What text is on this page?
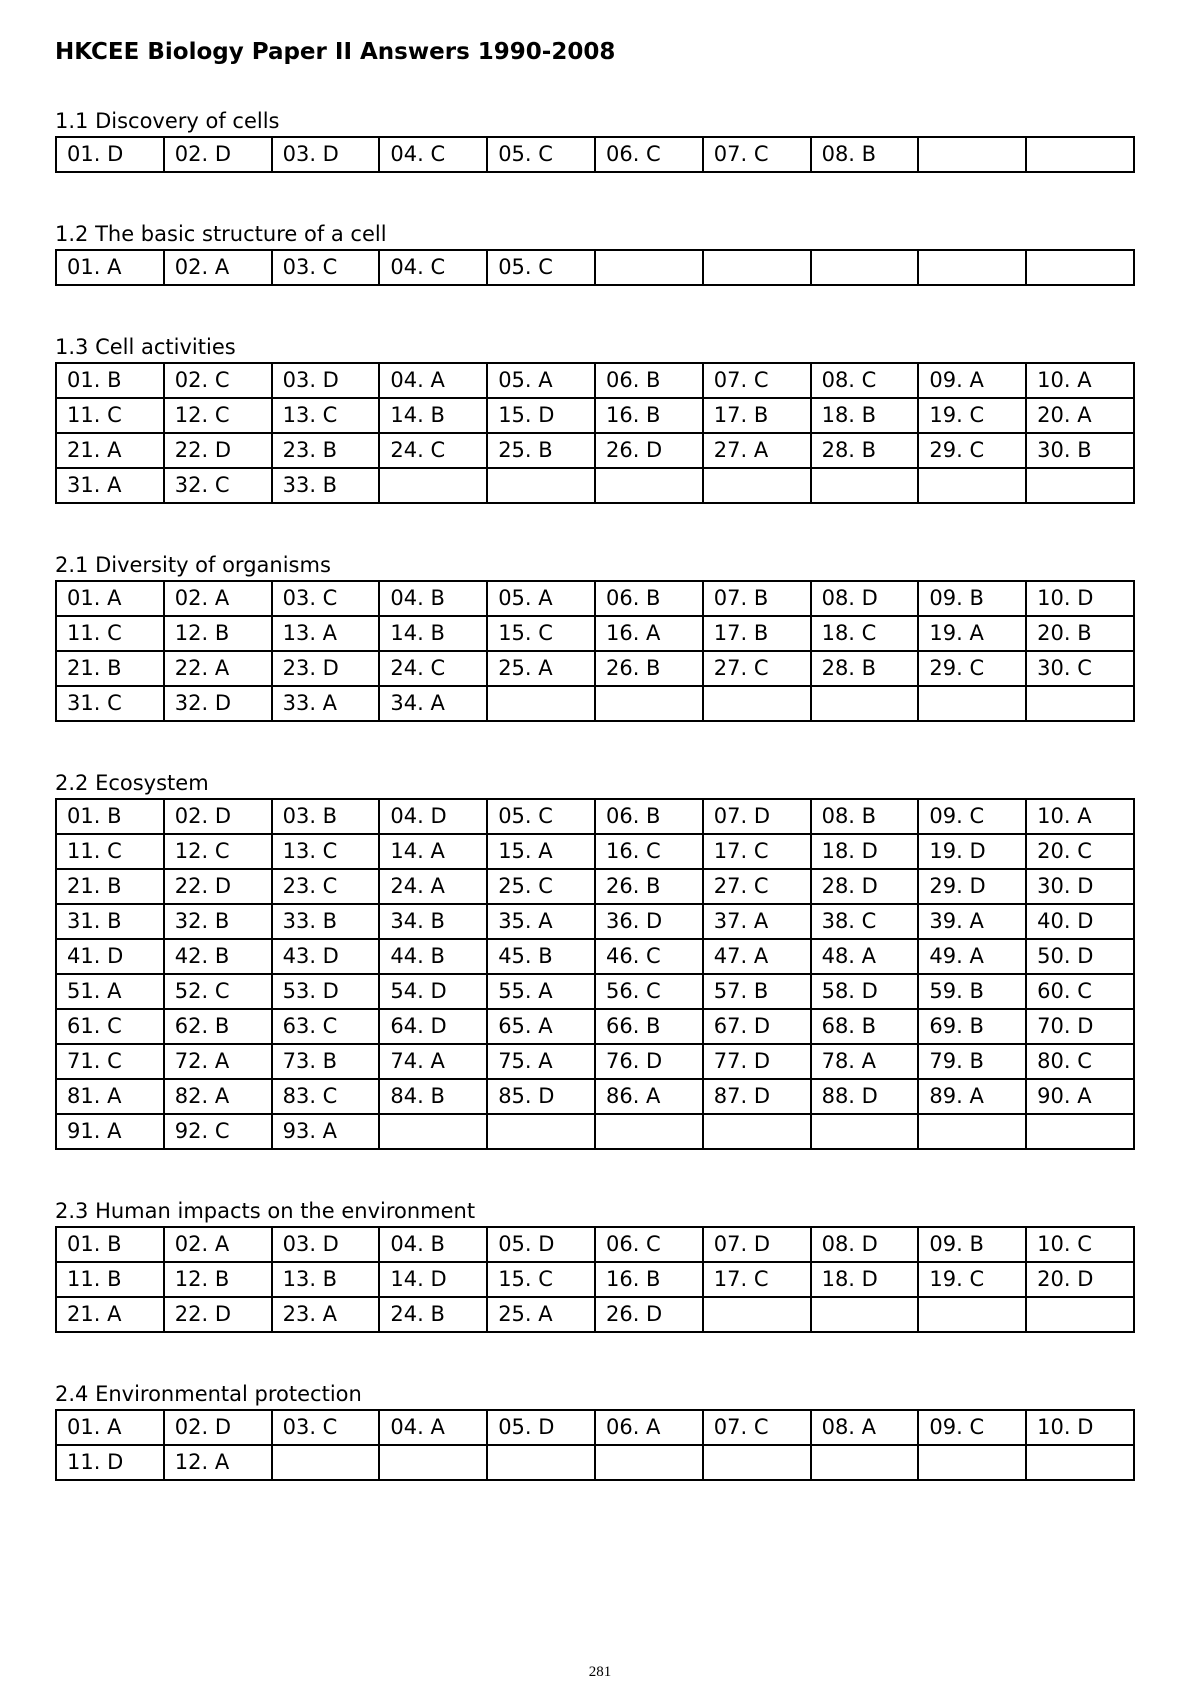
HKCEE Biology Paper II Answers 1990-2008
1.1 Discovery of cells
01. D	02. D	03. D	04. C	05. C	06. C	07. C	08. B		
1.2 The basic structure of a cell
01. A	02. A	03. C	04. C	05. C					
1.3 Cell activities
01. B	02. C	03. D	04. A	05. A	06. B	07. C	08. C	09. A	10. A
11. C	12. C	13. C	14. B	15. D	16. B	17. B	18. B	19. C	20. A
21. A	22. D	23. B	24. C	25. B	26. D	27. A	28. B	29. C	30. B
31. A	32. C	33. B							
2.1 Diversity of organisms
01. A	02. A	03. C	04. B	05. A	06. B	07. B	08. D	09. B	10. D
11. C	12. B	13. A	14. B	15. C	16. A	17. B	18. C	19. A	20. B
21. B	22. A	23. D	24. C	25. A	26. B	27. C	28. B	29. C	30. C
31. C	32. D	33. A	34. A						
2.2 Ecosystem
01. B	02. D	03. B	04. D	05. C	06. B	07. D	08. B	09. C	10. A
11. C	12. C	13. C	14. A	15. A	16. C	17. C	18. D	19. D	20. C
21. B	22. D	23. C	24. A	25. C	26. B	27. C	28. D	29. D	30. D
31. B	32. B	33. B	34. B	35. A	36. D	37. A	38. C	39. A	40. D
41. D	42. B	43. D	44. B	45. B	46. C	47. A	48. A	49. A	50. D
51. A	52. C	53. D	54. D	55. A	56. C	57. B	58. D	59. B	60. C
61. C	62. B	63. C	64. D	65. A	66. B	67. D	68. B	69. B	70. D
71. C	72. A	73. B	74. A	75. A	76. D	77. D	78. A	79. B	80. C
81. A	82. A	83. C	84. B	85. D	86. A	87. D	88. D	89. A	90. A
91. A	92. C	93. A							
2.3 Human impacts on the environment
01. B	02. A	03. D	04. B	05. D	06. C	07. D	08. D	09. B	10. C
11. B	12. B	13. B	14. D	15. C	16. B	17. C	18. D	19. C	20. D
21. A	22. D	23. A	24. B	25. A	26. D				
2.4 Environmental protection
01. A	02. D	03. C	04. A	05. D	06. A	07. C	08. A	09. C	10. D
11. D	12. A								
281
